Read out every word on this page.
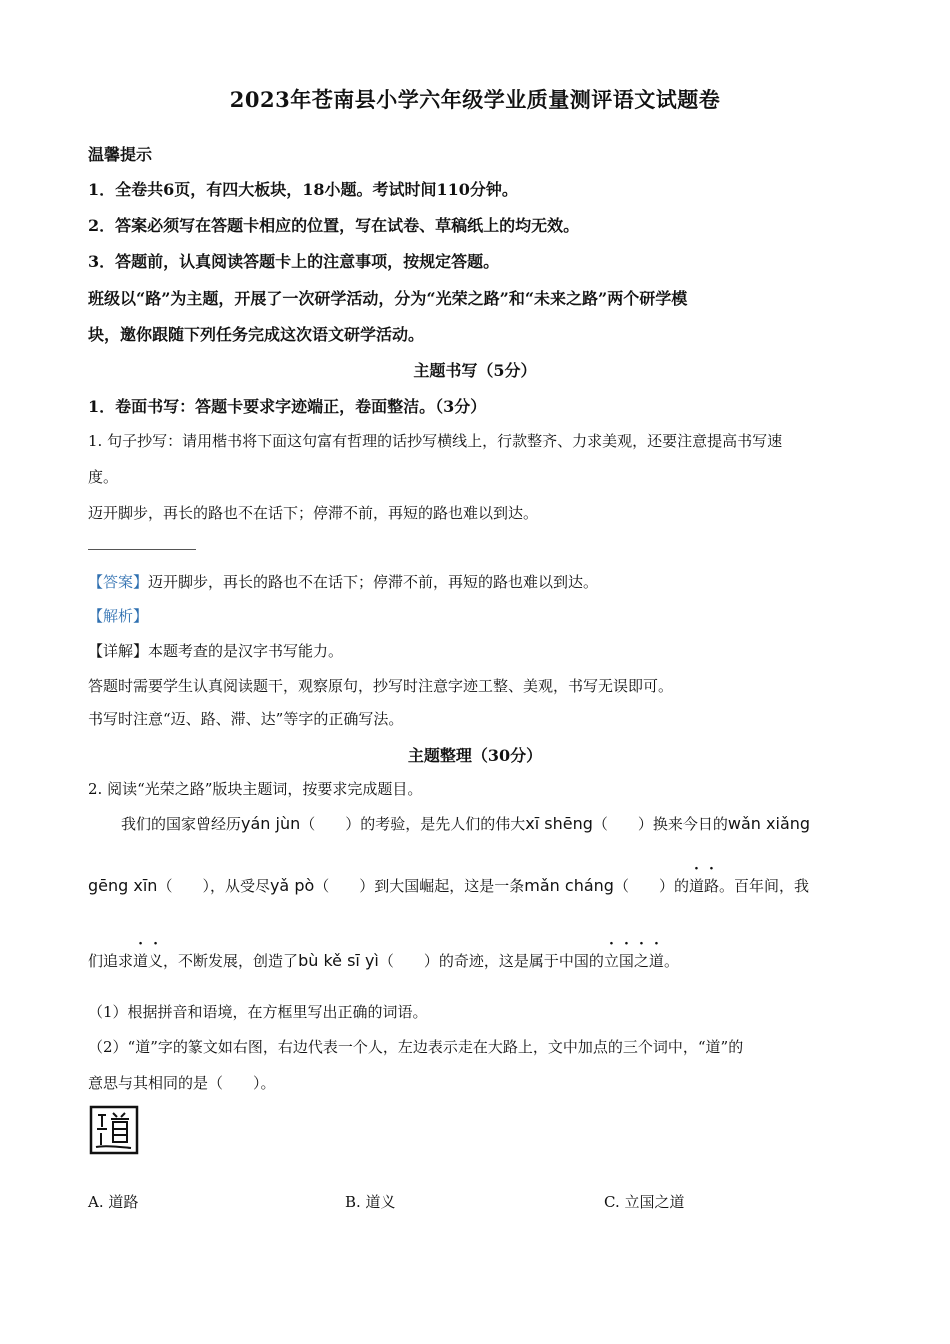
2023年苍南县小学六年级学业质量测评语文试题卷
温馨提示
1．全卷共6页，有四大板块，18小题。考试时间110分钟。
2．答案必须写在答题卡相应的位置，写在试卷、草稿纸上的均无效。
3．答题前，认真阅读答题卡上的注意事项，按规定答题。
班级以“路”为主题，开展了一次研学活动，分为“光荣之路”和“未来之路”两个研学模
块，邀你跟随下列任务完成这次语文研学活动。
主题书写（5分）
1．卷面书写：答题卡要求字迹端正，卷面整洁。（3分）
1. 句子抄写：请用楷书将下面这句富有哲理的话抄写横线上，行款整齐、力求美观，还要注意提高书写速
度。
迈开脚步，再长的路也不在话下；停滞不前，再短的路也难以到达。
【答案】迈开脚步，再长的路也不在话下；停滞不前，再短的路也难以到达。
【解析】
【详解】本题考查的是汉字书写能力。
答题时需要学生认真阅读题干，观察原句，抄写时注意字迹工整、美观，书写无误即可。
书写时注意“迈、路、滞、达”等字的正确写法。
主题整理（30分）
2. 阅读“光荣之路”版块主题词，按要求完成题目。
我们的国家曾经历yán jùn（　　）的考验，是先人们的伟大xī shēng（　　）换来今日的wǎn xiǎng
gēng xīn（　　），从受尽yǎ pò（　　）到大国崛起，这是一条mǎn cháng（　　）的道路。百年间，我
们追求道义，不断发展，创造了bù kě sī yì（　　）的奇迹，这是属于中国的立国之道。
（1）根据拼音和语境，在方框里写出正确的词语。
（2）“道”字的篆文如右图，右边代表一个人，左边表示走在大路上，文中加点的三个词中，“道”的
意思与其相同的是（　　）。
A. 道路	B. 道义	C. 立国之道
